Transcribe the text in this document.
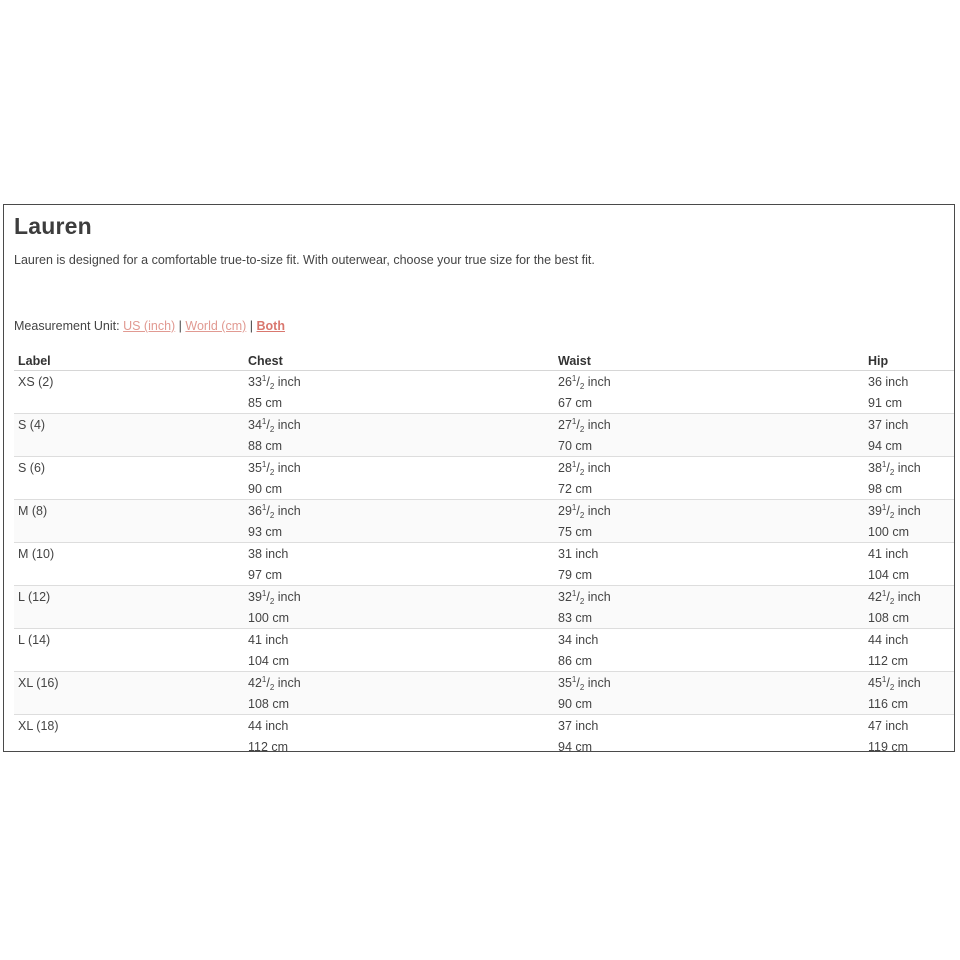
Lauren

Lauren is designed for a comfortable true-to-size fit. With outerwear, choose your true size for the best fit.

Measurement Unit: US (inch) | World (cm) | Both
Label	Chest	Waist	Hip
XS (2)	$33^1/_2$ inch	$26^1/_2$ inch	36 inch
	85 cm	67 cm	91 cm
S (4)	$34^1/_2$ inch	$27^1/_2$ inch	37 inch
	88 cm	70 cm	94 cm
S (6)	$35^1/_2$ inch	$28^1/_2$ inch	$38^1/_2$ inch
	90 cm	72 cm	98 cm
M (8)	$36^1/_2$ inch	$29^1/_2$ inch	$39^1/_2$ inch
	93 cm	75 cm	100 cm
M (10)	38 inch	31 inch	41 inch
	97 cm	79 cm	104 cm
L (12)	$39^1/_2$ inch	$32^1/_2$ inch	$42^1/_2$ inch
	100 cm	83 cm	108 cm
L (14)	41 inch	34 inch	44 inch
	104 cm	86 cm	112 cm
XL (16)	$42^1/_2$ inch	$35^1/_2$ inch	$45^1/_2$ inch
	108 cm	90 cm	116 cm
XL (18)	44 inch	37 inch	47 inch
	112 cm	94 cm	119 cm
